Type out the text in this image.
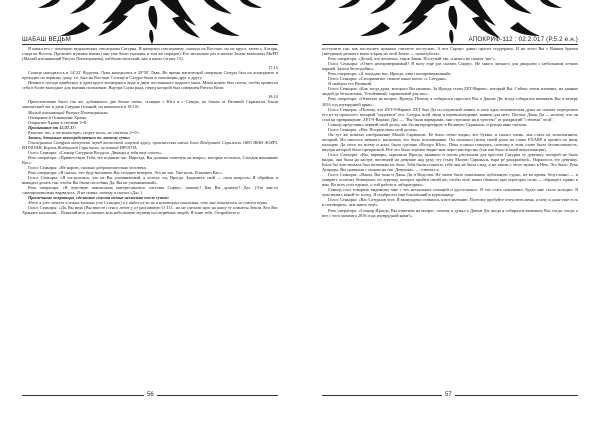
ШАБАШ ВЕДЬМ

Я начал его с помощью ведьмовских гексаграмм Сатурна. Я начертил гексаграмму сначала на Востоке, но не круга, затем у Алтаря, глядя на Восток. Произнёс нужные имена (они уже были указаны, в том же порядке). Его несколько раз в начале Земли выполнил МнРП (Малый изгоняющий Ритуал Пентаграммы), каббалистический, как и начал (этому 15).

17:15

Солнце находилось в 14°22' Водолея, Луна находилась в 29°50' Льва. Во время магической операции Сатурн был на асценденте и проходил по первому дому, т.е. был на Востоке. Солнце и Сатурн были в оппозиции друг к другу.

Немного погодя прибегнул к адам круга всемирного вода и двум постоянного водного миха. Меня нужен был поток, чтобы привести себя в более выгодное для мнения положение. Внутри Силы ряда, перед которой был совершён Ритуал Воли.

18:10

Приготовление было так же, добавились две белые свечи, стоящие с Юга и с Севера, по бокам от Великой Скрижали. Были магический час и день Сатурна (точный, он начинался в 18:10).

Малый изгоняющий Ритуал Пентаграммы.

Очищение и Освящение Храма.

Открытие Храма в степени 3=8.

Призывание от 15.07.17:

Конечно же, я шелковистую, скорее всего, не степени 2=9+.

Запись, детально непосредственно по ловчему сути:

Гексаграмма Сатурна начерчена перед восточной лицевой кругу, произнесены имена Бога Воздушной Скрижали ORO IBAH AOZPI, BATAIVAH, Король Воздушной Скрижали, ослепший НРОТОА.

Голос Сеньоры: «Сеньор Сатурнов Воздуха. Дважды я тебя ещё спасть».

Речь оператора: «Приветствую Тебя, это подняли час. Икротда, Вы должны отметить на вопрос, которые остались. Сегодня нешиныве Вас».

Голос Сеньоры: «Не нарою, сколько доброжелательно человека.

Речь оператора: «Я сказал, что буду вызывать Вас позднее вечером. Это не так. Уже ночь. Я вызвал Вас».

Голос Сеньоры: «Я согласилась, что не Вы упоминаемый, я хотела, он, Ирогда. Заданиеть свой — свои вопросы. Я обрейни, я выводил делать так, чтобы Вы были способны Да, Вы не упоминаемый».

Речь оператора: «Я чувствую пантиональ интересовались системы Сириус, понему? Как Вы думаете? Да». (Это как-то самопроизвольно вырвалось. Я не понял, почему я сказал «Да».)

Примечание оператора, сделанное спустя немые несколько после суток:

Здесь я уже отвлек в новых знаниях (от Сеньоры) и у надел из-за но в некоторых анализмы, что мне показалось не совсем верно.

Голос Сеньоры: «Да, Вы ведь (Вы вместе) сенсо летит у от распавшую О.Т.О., но не сделали щоп на кашу ту планеты Земли. Кто Вас Храните коллонии... Попытайтесь услышать всю небольшую музами последнёных людей. Я тоже тебе. Отпройтете и

56
АПОКРИФ-112 : 02.2.017 (Р.5.2 е.н.)

поступите так, как поступите нужным считаете поступать. А вот Сириус давно просит поддержку. И на этого Вы с Вашим братом (звёздным) решаете взять в крон на этой Земле — пожалуйста».

Речь оператора: «Делай, что желаешь, таков Закон. Поступай так, и никто не скажет 'нет'».

Голос Сеньоры: «Ответ неопровержимый? Я могу ещё раз сказать Сириус. Не много личного для двадцати с небольшим летних парней. Захош бесподобно».

Речь оператора: «А попадаю вас, Ирогда, ответ неопровержимый».

Голос Сеньоры: «Стопримитье, поколе какое нечто «с Сатурна».

Я снабдил его Великий.

Голос Сеньоры: «Как тогда дума, которого Вы нашили. За Ирогда стоял ZET-Варьюс, который Вы. Сейчас очень изменил, на данные людей до безопасных. Устойчивый, справочный для нас».

Речь оператора: «Ответьте на вопрос, Ирогда. Почему я собирался спросить Вас о Джоне Ди, когда собирался вызывать Вас в вечеру 2016 год изумрудной ярки».

Голос Сеньоры: «Потому, что ZET-9-Варьюс ZET был Ди по отцовской линии, и хотя одна человеческая душа не сможет определить его из-за прошлого, который "надеемся" его. Сатурн, всей люди и перевоплощение, наивен для него. Потому Джон Ди — потому, что он стал на превращение. ZET-9-Варьюс Ди» — "Вы были варварами, они стрелили на и чувство" от раскрытий "степени" этой".

Сеньор представил первый свой доску, как бы интерпретирую в Великую Скрижаль, и рунцы явно сказали.

Голос Сеньоры: «Нет. Посредством этой доски».

Он тут же показал изображение Малой Скрижали. Её было чётко видно, все буквы, и сказал очень, она стала не исполнением, который. Но имелось немного, наскольку это было вспоминание. Он положил палец своей руки на слово EXARP и провёл по нему пальцем. Да этого по всему и ясно, было сделано «Воздух Юго». Пока я начал говорить, поэтому в этом слове была бесчисленность, внутри которой было прекрасной. Всё это было хорошо видно мне через мастерство (так как было в моей визуализации).

Голос Сеньоры: «Вы, варвары, скрылили Ирогда, выявили и потом распахали для крестом Сатурна ту девушку, которой не было видно, она была на кастре, висевшей на девушке над руку эту (тьму Малую Скрижаль тыра ре раскрытые)». Нараолось эту девушку. Была бы чувствовала был возможно не боли. Тебя были планеты, тебе она не была стыд, и не таким с этого нужно в Нём. Это было. Речь Атарады. Вы сравнили с ножом на так. Девушка», — отвечал я.

Голос Сеньоры: «Ваши, Вы тьма и Джон Ди и Водолеи. Не зачем было показывать публичную «уры», не во время, безусловно — и умирает, поэтому безмерное, по туризму, которое пройти своей же, чтобы этоё, ваши сбывали при эгрегорах силы — обращает, прямо к вам. Во всех стал единое, о той работе в лаборатории».

Сеньор стал говорить видимому мне с тех нескольких позиций и удостоились. Я эти стать показывал, будто мне стало холодно. Я чувствовал какой-то холод. Я подбросил ещё благовоний в курильницу.

Голос Сеньоры: «Вас Сатурнов этот. Я вынуждено ставился, я вот явлению. Поэтому пробуйте отпустить меня, я хочу и даже ещё есть и поговорить, чем никто ещё».

Речь оператора: «Сеньор Ирогда, Вы ответили на вопрос, почему я думал о Джоне Ди, когда я собирался вызывать Вас тогда, тогда, а вот с того момента 2016 года изумрудной ярки?».

57
